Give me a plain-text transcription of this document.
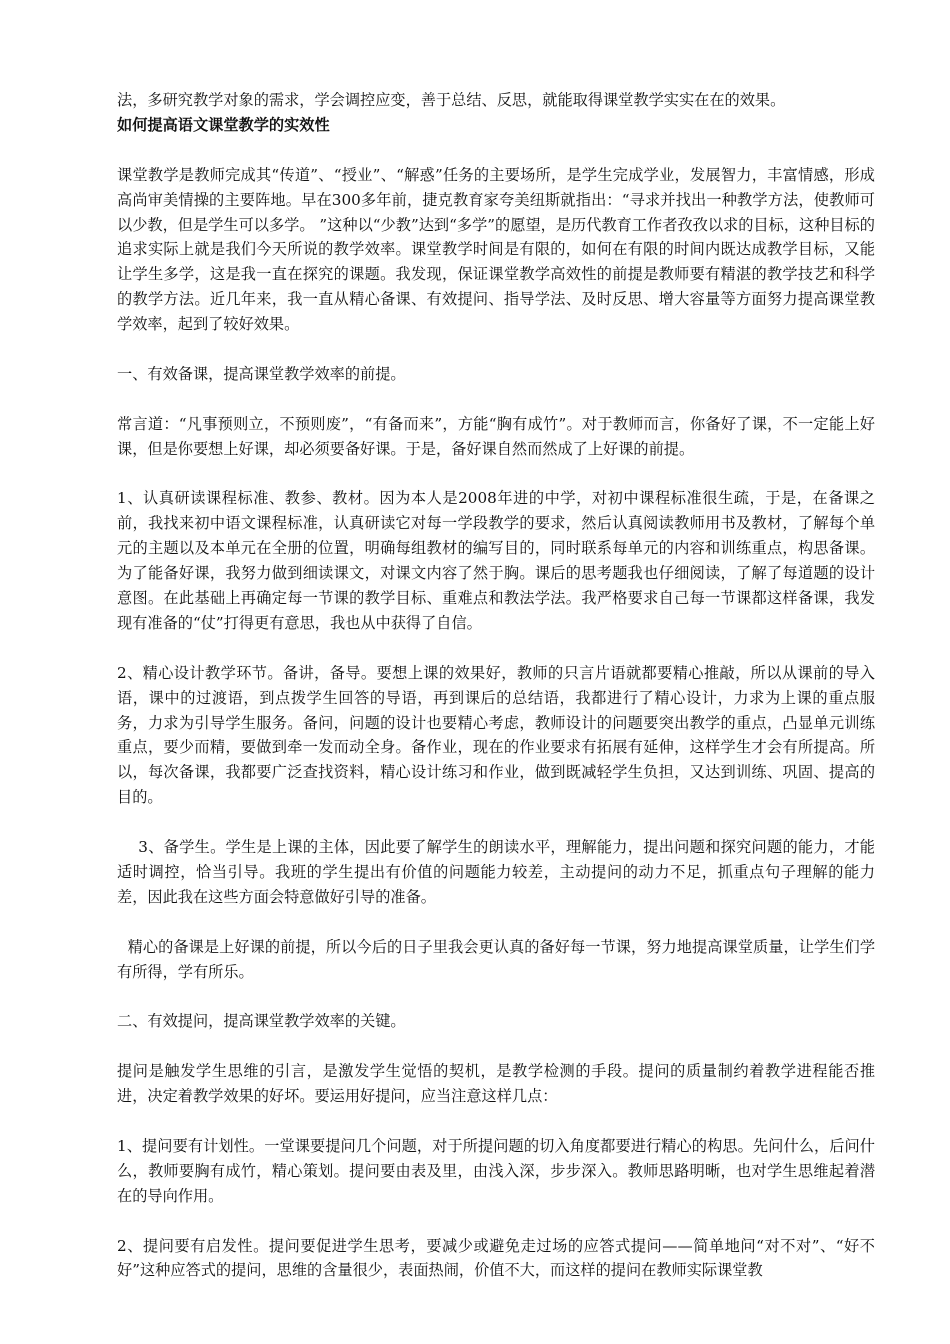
法，多研究教学对象的需求，学会调控应变，善于总结、反思，就能取得课堂教学实实在在的效果。

如何提高语文课堂教学的实效性

课堂教学是教师完成其“传道”、“授业”、“解惑”任务的主要场所，是学生完成学业，发展智力，丰富情感，形成高尚审美情操的主要阵地。早在300多年前，捷克教育家夸美纽斯就指出：“寻求并找出一种教学方法，使教师可以少教，但是学生可以多学。 ”这种以“少教”达到“多学”的愿望，是历代教育工作者孜孜以求的目标，这种目标的追求实际上就是我们今天所说的教学效率。课堂教学时间是有限的，如何在有限的时间内既达成教学目标，又能让学生多学，这是我一直在探究的课题。我发现，保证课堂教学高效性的前提是教师要有精湛的教学技艺和科学的教学方法。近几年来，我一直从精心备课、有效提问、指导学法、及时反思、增大容量等方面努力提高课堂教学效率，起到了较好效果。

一、有效备课，提高课堂教学效率的前提。

常言道：“凡事预则立，不预则废”，“有备而来”，方能“胸有成竹”。对于教师而言，你备好了课，不一定能上好课，但是你要想上好课，却必须要备好课。于是，备好课自然而然成了上好课的前提。

1、认真研读课程标准、教参、教材。因为本人是2008年进的中学，对初中课程标准很生疏，于是，在备课之前，我找来初中语文课程标准，认真研读它对每一学段教学的要求，然后认真阅读教师用书及教材，了解每个单元的主题以及本单元在全册的位置，明确每组教材的编写目的，同时联系每单元的内容和训练重点，构思备课。为了能备好课，我努力做到细读课文，对课文内容了然于胸。课后的思考题我也仔细阅读，了解了每道题的设计意图。在此基础上再确定每一节课的教学目标、重难点和教法学法。我严格要求自己每一节课都这样备课，我发现有准备的“仗”打得更有意思，我也从中获得了自信。

2、精心设计教学环节。备讲，备导。要想上课的效果好，教师的只言片语就都要精心推敲，所以从课前的导入语，课中的过渡语，到点拨学生回答的导语，再到课后的总结语，我都进行了精心设计，力求为上课的重点服务，力求为引导学生服务。备问，问题的设计也要精心考虑，教师设计的问题要突出教学的重点，凸显单元训练重点，要少而精，要做到牵一发而动全身。备作业，现在的作业要求有拓展有延伸，这样学生才会有所提高。所以，每次备课，我都要广泛查找资料，精心设计练习和作业，做到既减轻学生负担，又达到训练、巩固、提高的目的。

3、备学生。学生是上课的主体，因此要了解学生的朗读水平，理解能力，提出问题和探究问题的能力，才能适时调控，恰当引导。我班的学生提出有价值的问题能力较差，主动提问的动力不足，抓重点句子理解的能力差，因此我在这些方面会特意做好引导的准备。

精心的备课是上好课的前提，所以今后的日子里我会更认真的备好每一节课，努力地提高课堂质量，让学生们学有所得，学有所乐。

二、有效提问，提高课堂教学效率的关键。

提问是触发学生思维的引言，是激发学生觉悟的契机，是教学检测的手段。提问的质量制约着教学进程能否推进，决定着教学效果的好坏。要运用好提问，应当注意这样几点：

1、提问要有计划性。一堂课要提问几个问题，对于所提问题的切入角度都要进行精心的构思。先问什么，后问什么，教师要胸有成竹，精心策划。提问要由表及里，由浅入深，步步深入。教师思路明晰，也对学生思维起着潜在的导向作用。

2、提问要有启发性。提问要促进学生思考，要减少或避免走过场的应答式提问——简单地问“对不对”、“好不好”这种应答式的提问，思维的含量很少，表面热闹，价值不大，而这样的提问在教师实际课堂教
